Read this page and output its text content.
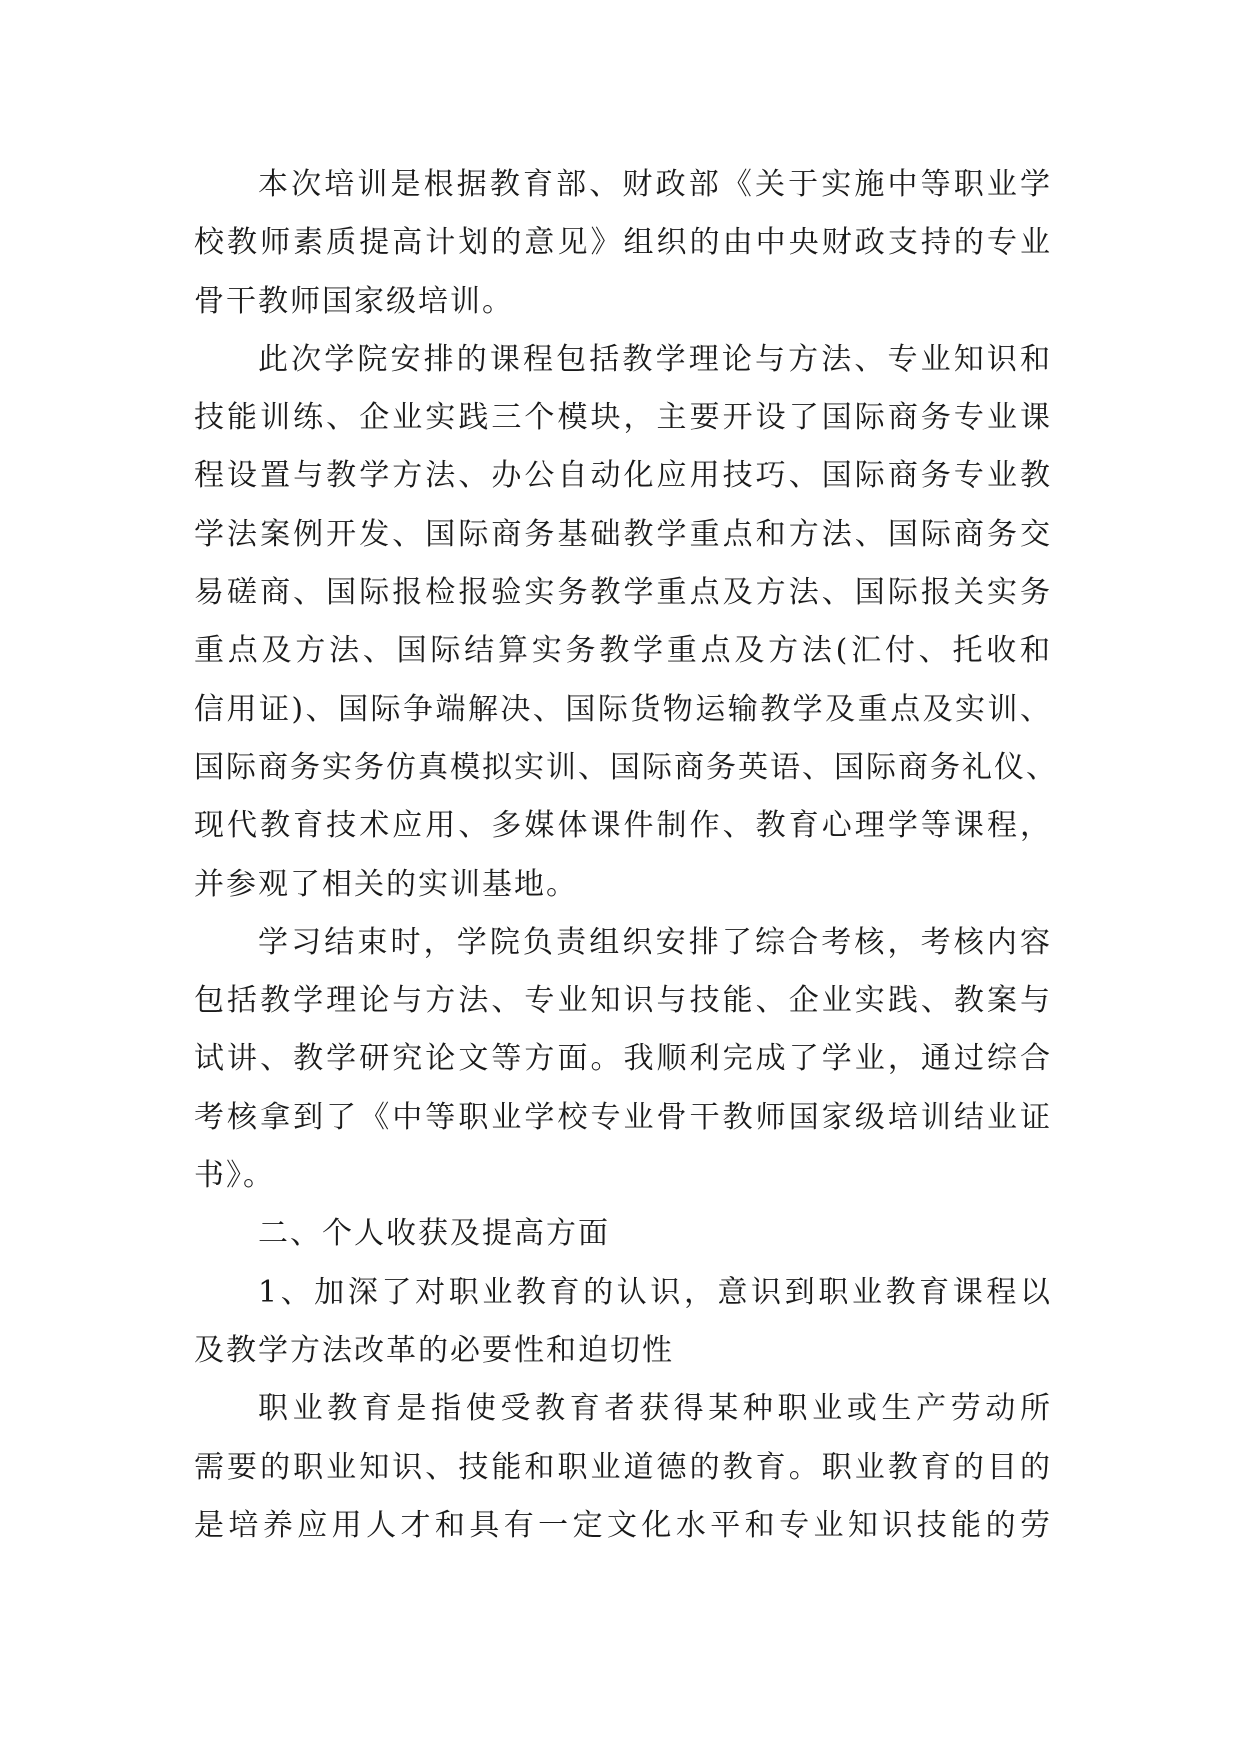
本次培训是根据教育部、财政部《关于实施中等职业学
校教师素质提高计划的意见》组织的由中央财政支持的专业
骨干教师国家级培训。
此次学院安排的课程包括教学理论与方法、专业知识和
技能训练、企业实践三个模块，主要开设了国际商务专业课
程设置与教学方法、办公自动化应用技巧、国际商务专业教
学法案例开发、国际商务基础教学重点和方法、国际商务交
易磋商、国际报检报验实务教学重点及方法、国际报关实务
重点及方法、国际结算实务教学重点及方法(汇付、托收和
信用证)、国际争端解决、国际货物运输教学及重点及实训、
国际商务实务仿真模拟实训、国际商务英语、国际商务礼仪、
现代教育技术应用、多媒体课件制作、教育心理学等课程，
并参观了相关的实训基地。
学习结束时，学院负责组织安排了综合考核，考核内容
包括教学理论与方法、专业知识与技能、企业实践、教案与
试讲、教学研究论文等方面。我顺利完成了学业，通过综合
考核拿到了《中等职业学校专业骨干教师国家级培训结业证
书》。
二、个人收获及提高方面
1、加深了对职业教育的认识，意识到职业教育课程以
及教学方法改革的必要性和迫切性
职业教育是指使受教育者获得某种职业或生产劳动所
需要的职业知识、技能和职业道德的教育。职业教育的目的
是培养应用人才和具有一定文化水平和专业知识技能的劳
